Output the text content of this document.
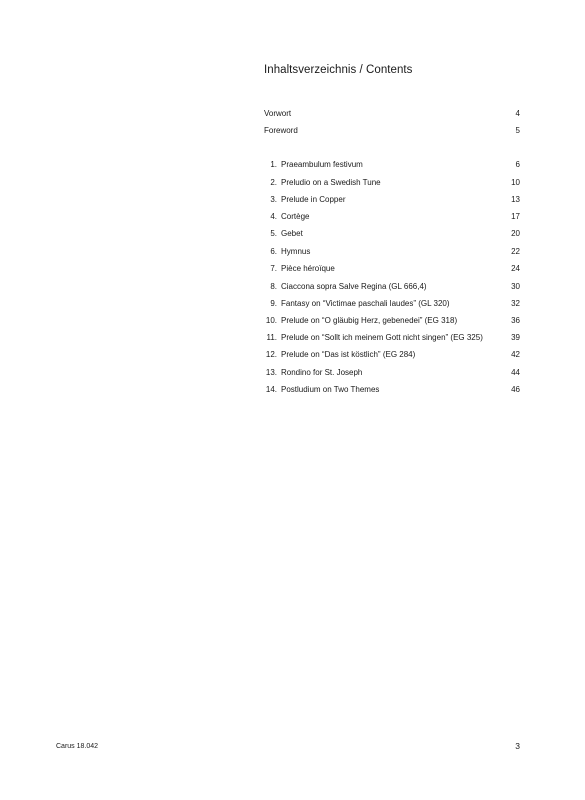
Inhaltsverzeichnis / Contents
Vorwort	4
Foreword	5
1. Praeambulum festivum	6
2. Preludio on a Swedish Tune	10
3. Prelude in Copper	13
4. Cortège	17
5. Gebet	20
6. Hymnus	22
7. Pièce héroïque	24
8. Ciaccona sopra Salve Regina (GL 666,4)	30
9. Fantasy on “Victimae paschali laudes” (GL 320)	32
10. Prelude on “O gläubig Herz, gebenedei” (EG 318)	36
11. Prelude on “Sollt ich meinem Gott nicht singen” (EG 325)	39
12. Prelude on “Das ist köstlich” (EG 284)	42
13. Rondino for St. Joseph	44
14. Postludium on Two Themes	46
Carus 18.042	3
